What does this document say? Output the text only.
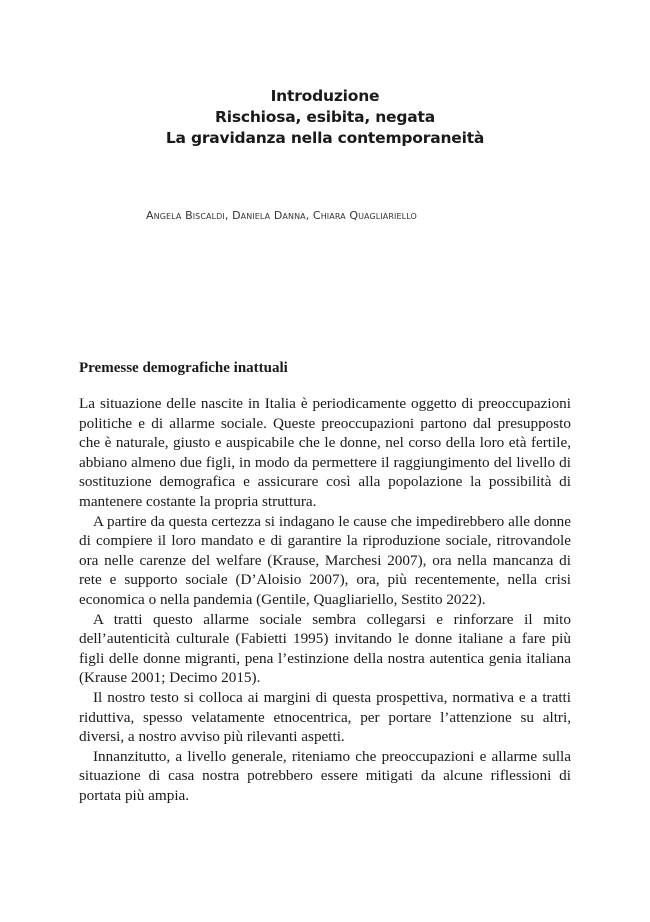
Introduzione
Rischiosa, esibita, negata
La gravidanza nella contemporaneità
Angela Biscaldi, Daniela Danna, Chiara Quagliariello
Premesse demografiche inattuali

La situazione delle nascite in Italia è periodicamente oggetto di preoccupazioni politiche e di allarme sociale. Queste preoccupazioni partono dal presupposto che è naturale, giusto e auspicabile che le donne, nel corso della loro età fertile, abbiano almeno due figli, in modo da permettere il raggiungimento del livello di sostituzione demografica e assicurare così alla popolazione la possibilità di mantenere costante la propria struttura.

A partire da questa certezza si indagano le cause che impedirebbero alle donne di compiere il loro mandato e di garantire la riproduzione sociale, ritrovandole ora nelle carenze del welfare (Krause, Marchesi 2007), ora nella mancanza di rete e supporto sociale (D’Aloisio 2007), ora, più recentemente, nella crisi economica o nella pandemia (Gentile, Quagliariello, Sestito 2022).

A tratti questo allarme sociale sembra collegarsi e rinforzare il mito dell’autenticità culturale (Fabietti 1995) invitando le donne italiane a fare più figli delle donne migranti, pena l’estinzione della nostra autentica genia italiana (Krause 2001; Decimo 2015).

Il nostro testo si colloca ai margini di questa prospettiva, normativa e a tratti riduttiva, spesso velatamente etnocentrica, per portare l’attenzione su altri, diversi, a nostro avviso più rilevanti aspetti.

Innanzitutto, a livello generale, riteniamo che preoccupazioni e allarme sulla situazione di casa nostra potrebbero essere mitigati da alcune riflessioni di portata più ampia.
